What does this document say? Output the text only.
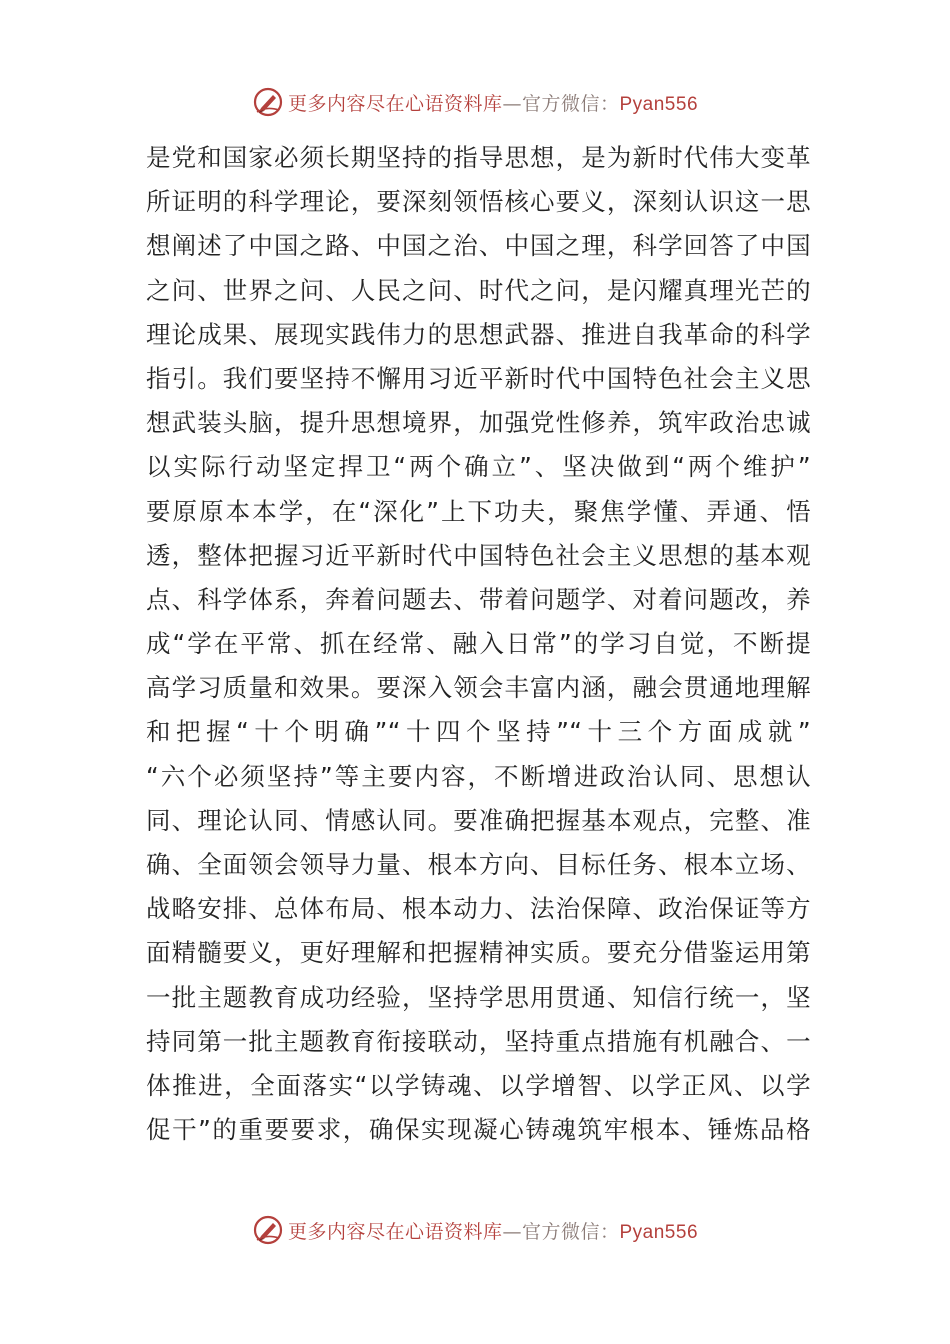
更多内容尽在心语资料库—官方微信：Pyan556
是党和国家必须长期坚持的指导思想，是为新时代伟大变革
所证明的科学理论，要深刻领悟核心要义，深刻认识这一思
想阐述了中国之路、中国之治、中国之理，科学回答了中国
之问、世界之问、人民之问、时代之问，是闪耀真理光芒的
理论成果、展现实践伟力的思想武器、推进自我革命的科学
指引。我们要坚持不懈用习近平新时代中国特色社会主义思
想武装头脑，提升思想境界，加强党性修养，筑牢政治忠诚
以实际行动坚定捍卫“两个确立”、坚决做到“两个维护”
要原原本本学，在“深化”上下功夫，聚焦学懂、弄通、悟
透，整体把握习近平新时代中国特色社会主义思想的基本观
点、科学体系，奔着问题去、带着问题学、对着问题改，养
成“学在平常、抓在经常、融入日常”的学习自觉，不断提
高学习质量和效果。要深入领会丰富内涵，融会贯通地理解
和把握“十个明确”“十四个坚持”“十三个方面成就”
“六个必须坚持”等主要内容，不断增进政治认同、思想认
同、理论认同、情感认同。要准确把握基本观点，完整、准
确、全面领会领导力量、根本方向、目标任务、根本立场、
战略安排、总体布局、根本动力、法治保障、政治保证等方
面精髓要义，更好理解和把握精神实质。要充分借鉴运用第
一批主题教育成功经验，坚持学思用贯通、知信行统一，坚
持同第一批主题教育衔接联动，坚持重点措施有机融合、一
体推进，全面落实“以学铸魂、以学增智、以学正风、以学
促干”的重要要求，确保实现凝心铸魂筑牢根本、锤炼品格
更多内容尽在心语资料库—官方微信：Pyan556
